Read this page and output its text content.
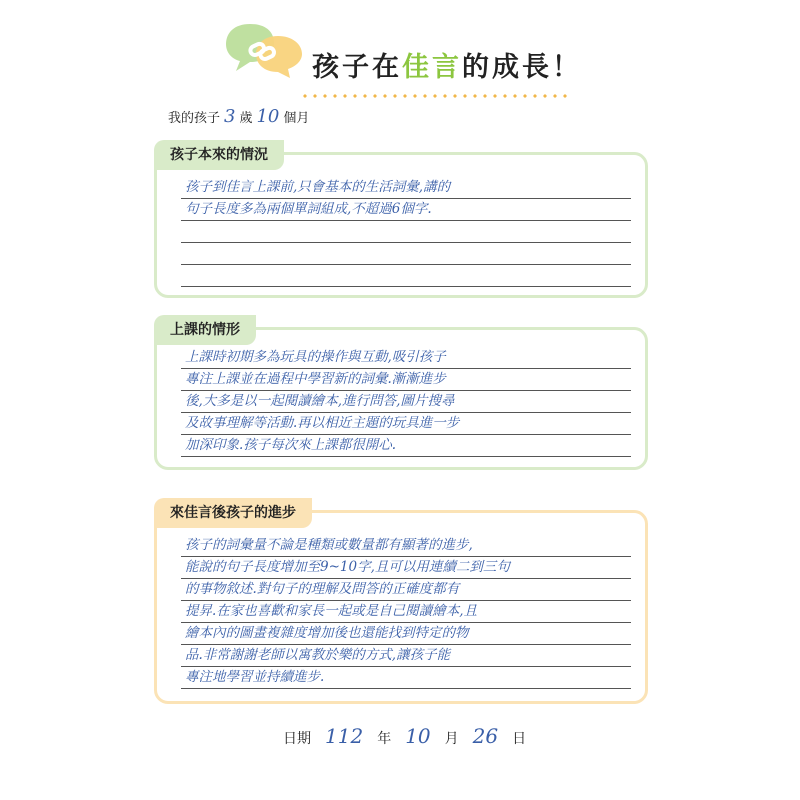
孩子在佳言的成長！
我的孩子 3 歲 10 個月
孩子本來的情況
孩子到佳言上課前,只會基本的生活詞彙,講的
句子長度多為兩個單詞組成,不超過6個字.
上課的情形
上課時初期多為玩具的操作與互動,吸引孩子
專注上課並在過程中學習新的詞彙.漸漸進步
後,大多是以一起閱讀繪本,進行問答,圖片搜尋
及故事理解等活動.再以相近主題的玩具進一步
加深印象.孩子每次來上課都很開心.
來佳言後孩子的進步
孩子的詞彙量不論是種類或數量都有顯著的進步,
能說的句子長度增加至9~10字,且可以用連續二到三句
的事物敘述.對句子的理解及問答的正確度都有
提昇.在家也喜歡和家長一起或是自己閱讀繪本,且
繪本內的圖畫複雜度增加後也還能找到特定的物
品.非常謝謝老師以寓教於樂的方式,讓孩子能
專注地學習並持續進步.
日期 112 年 10 月 26 日
